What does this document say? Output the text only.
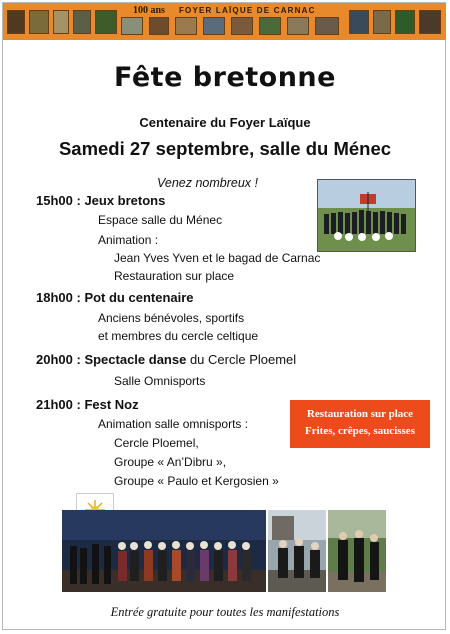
100 ans FOYER LAÏQUE DE CARNAC
Fête bretonne
Centenaire du Foyer Laïque
Samedi 27 septembre, salle du Ménec
Venez nombreux !
15h00 : Jeux bretons
Espace salle du Ménec
Animation :
Jean Yves Yven et le bagad de Carnac
Restauration sur place
18h00 : Pot du centenaire
Anciens bénévoles, sportifs
et membres du cercle celtique
20h00 : Spectacle danse du Cercle Ploemel
Salle Omnisports
21h00 : Fest Noz
Animation salle omnisports :
Cercle Ploemel,
Groupe « An’Dibru »,
Groupe « Paulo et Kergosien »
Restauration sur place
Frites, crêpes, saucisses
Entrée gratuite pour toutes les manifestations
